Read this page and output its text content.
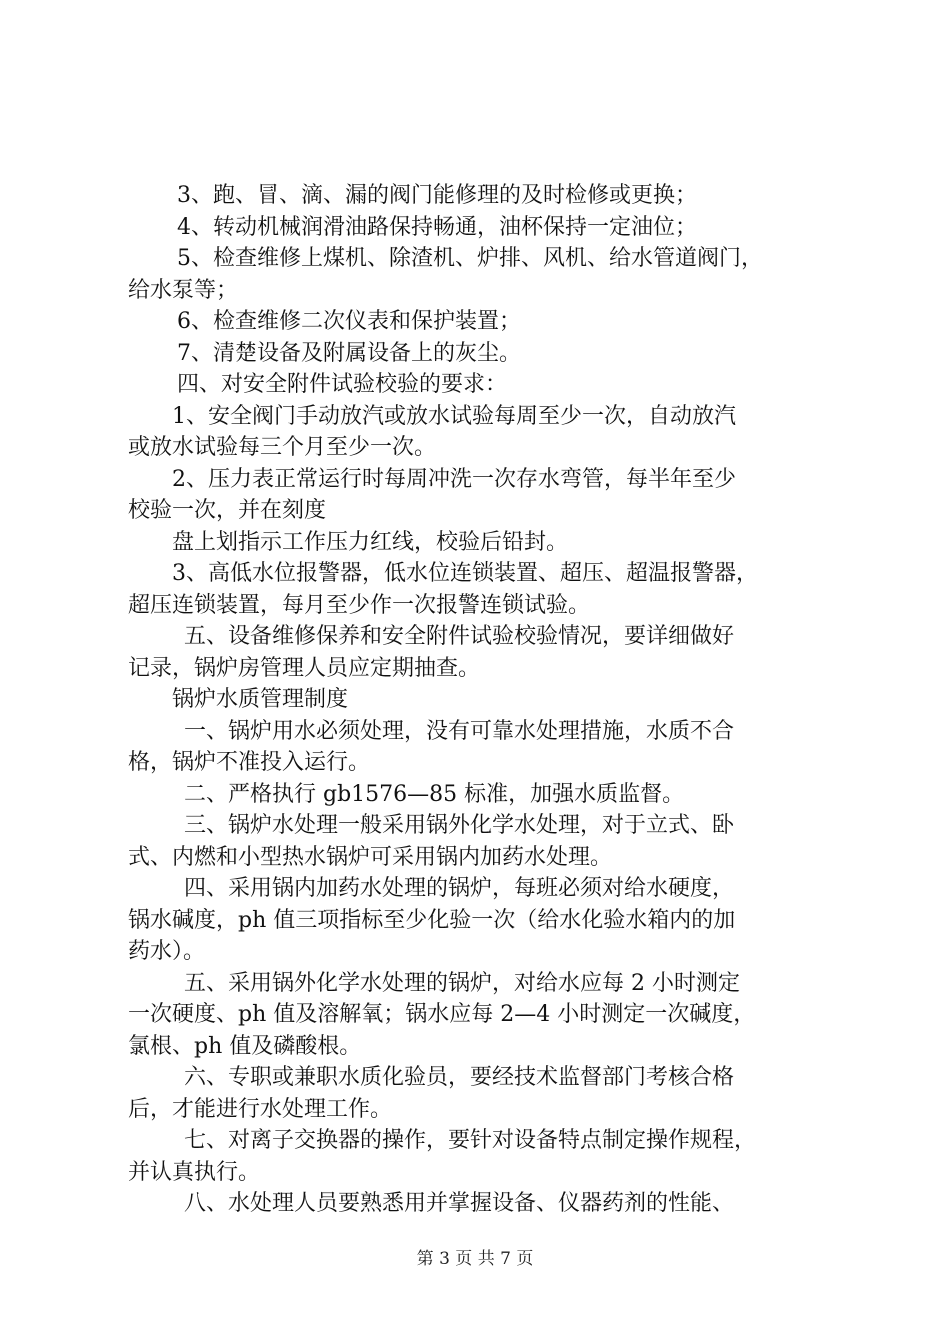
3、跑、冒、滴、漏的阀门能修理的及时检修或更换；
4、转动机械润滑油路保持畅通，油杯保持一定油位；
5、检查维修上煤机、除渣机、炉排、风机、给水管道阀门，
给水泵等；
6、检查维修二次仪表和保护装置；
7、清楚设备及附属设备上的灰尘。
四、对安全附件试验校验的要求：
1、安全阀门手动放汽或放水试验每周至少一次，自动放汽
或放水试验每三个月至少一次。
2、压力表正常运行时每周冲洗一次存水弯管，每半年至少
校验一次，并在刻度
盘上划指示工作压力红线，校验后铅封。
3、高低水位报警器，低水位连锁装置、超压、超温报警器，
超压连锁装置，每月至少作一次报警连锁试验。
五、设备维修保养和安全附件试验校验情况，要详细做好
记录，锅炉房管理人员应定期抽查。
锅炉水质管理制度
一、锅炉用水必须处理，没有可靠水处理措施，水质不合
格，锅炉不准投入运行。
二、严格执行 gb1576—85 标准，加强水质监督。
三、锅炉水处理一般采用锅外化学水处理，对于立式、卧
式、内燃和小型热水锅炉可采用锅内加药水处理。
四、采用锅内加药水处理的锅炉，每班必须对给水硬度，
锅水碱度，ph 值三项指标至少化验一次（给水化验水箱内的加
药水）。
五、采用锅外化学水处理的锅炉，对给水应每 2 小时测定
一次硬度、ph 值及溶解氧；锅水应每 2—4 小时测定一次碱度，
氯根、ph 值及磷酸根。
六、专职或兼职水质化验员，要经技术监督部门考核合格
后，才能进行水处理工作。
七、对离子交换器的操作，要针对设备特点制定操作规程，
并认真执行。
八、水处理人员要熟悉用并掌握设备、仪器药剂的性能、
第 3 页 共 7 页
